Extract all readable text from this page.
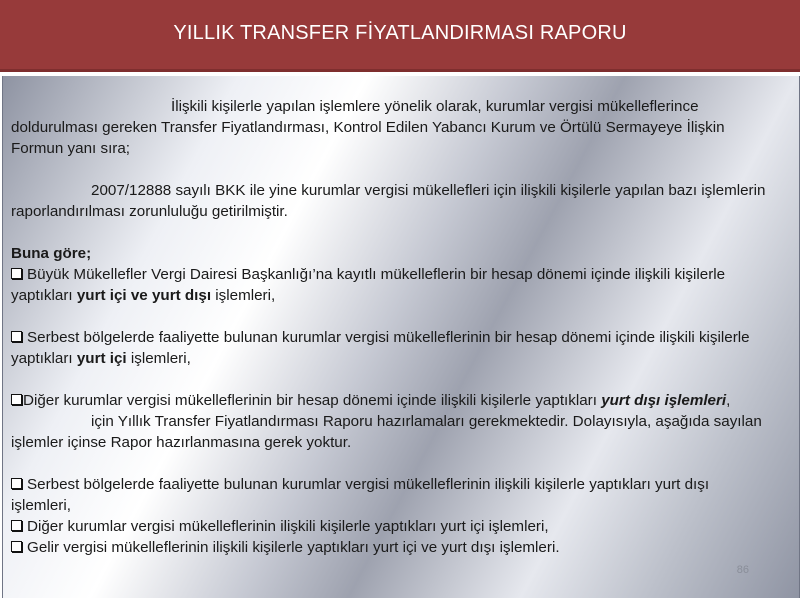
YILLIK TRANSFER FİYATLANDIRMASI RAPORU

İlişkili kişilerle yapılan işlemlere yönelik olarak, kurumlar vergisi mükelleflerince doldurulması gereken Transfer Fiyatlandırması, Kontrol Edilen Yabancı Kurum ve Örtülü Sermayeye İlişkin Formun yanı sıra;

2007/12888 sayılı BKK ile yine kurumlar vergisi mükellefleri için ilişkili kişilerle yapılan bazı işlemlerin raporlandırılması zorunluluğu getirilmiştir.

Buna göre;

Büyük Mükellefler Vergi Dairesi Başkanlığı’na kayıtlı mükelleflerin bir hesap dönemi içinde ilişkili kişilerle yaptıkları yurt içi ve yurt dışı işlemleri,

Serbest bölgelerde faaliyette bulunan kurumlar vergisi mükelleflerinin bir hesap dönemi içinde ilişkili kişilerle yaptıkları yurt içi işlemleri,

Diğer kurumlar vergisi mükelleflerinin bir hesap dönemi içinde ilişkili kişilerle yaptıkları yurt dışı işlemleri,

için Yıllık Transfer Fiyatlandırması Raporu hazırlamaları gerekmektedir. Dolayısıyla, aşağıda sayılan işlemler içinse Rapor hazırlanmasına gerek yoktur.

Serbest bölgelerde faaliyette bulunan kurumlar vergisi mükelleflerinin ilişkili kişilerle yaptıkları yurt dışı işlemleri,

Diğer kurumlar vergisi mükelleflerinin ilişkili kişilerle yaptıkları yurt içi işlemleri,

Gelir vergisi mükelleflerinin ilişkili kişilerle yaptıkları yurt içi ve yurt dışı işlemleri.

86
